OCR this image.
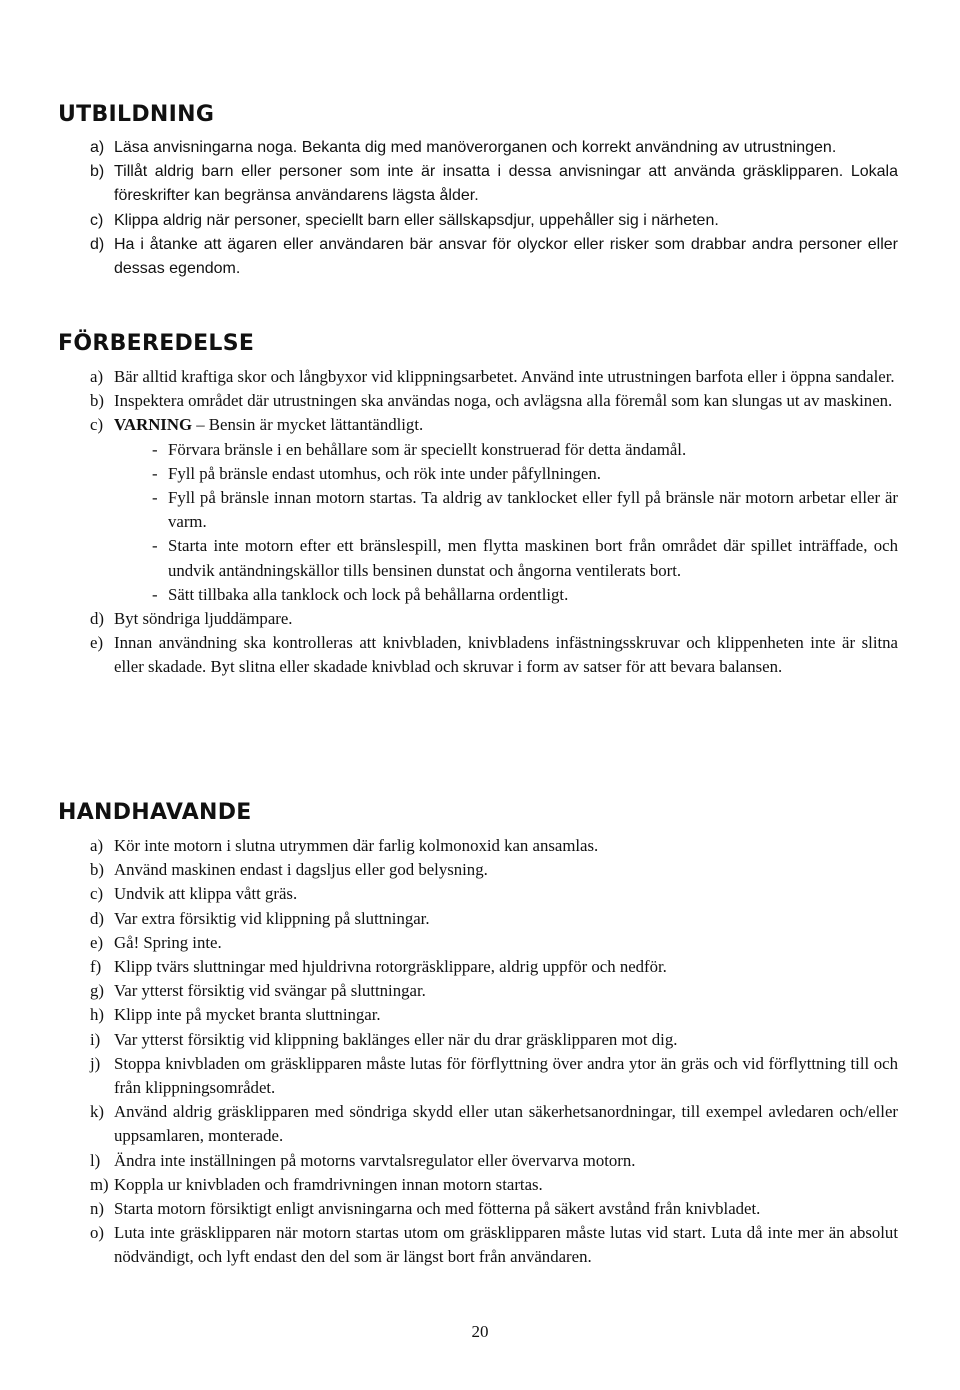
UTBILDNING
a) Läsa anvisningarna noga. Bekanta dig med manöverorganen och korrekt användning av utrustningen.
b) Tillåt aldrig barn eller personer som inte är insatta i dessa anvisningar att använda gräsklipparen. Lokala föreskrifter kan begränsa användarens lägsta ålder.
c) Klippa aldrig när personer, speciellt barn eller sällskapsdjur, uppehåller sig i närheten.
d) Ha i åtanke att ägaren eller användaren bär ansvar för olyckor eller risker som drabbar andra personer eller dessas egendom.
FÖRBEREDELSE
a) Bär alltid kraftiga skor och långbyxor vid klippningsarbetet. Använd inte utrustningen barfota eller i öppna sandaler.
b) Inspektera området där utrustningen ska användas noga, och avlägsna alla föremål som kan slungas ut av maskinen.
c) VARNING – Bensin är mycket lättantändligt.
- Förvara bränsle i en behållare som är speciellt konstruerad för detta ändamål.
- Fyll på bränsle endast utomhus, och rök inte under påfyllningen.
- Fyll på bränsle innan motorn startas. Ta aldrig av tanklocket eller fyll på bränsle när motorn arbetar eller är varm.
- Starta inte motorn efter ett bränslespill, men flytta maskinen bort från området där spillet inträffade, och undvik antändningskällor tills bensinen dunstat och ångorna ventilerats bort.
- Sätt tillbaka alla tanklock och lock på behållarna ordentligt.
d) Byt söndriga ljuddämpare.
e) Innan användning ska kontrolleras att knivbladen, knivbladens infästningsskruvar och klippenheten inte är slitna eller skadade. Byt slitna eller skadade knivblad och skruvar i form av satser för att bevara balansen.
HANDHAVANDE
a) Kör inte motorn i slutna utrymmen där farlig kolmonoxid kan ansamlas.
b) Använd maskinen endast i dagsljus eller god belysning.
c) Undvik att klippa vått gräs.
d) Var extra försiktig vid klippning på sluttningar.
e) Gå! Spring inte.
f) Klipp tvärs sluttningar med hjuldrivna rotorgräsklippare, aldrig uppför och nedför.
g) Var ytterst försiktig vid svängar på sluttningar.
h) Klipp inte på mycket branta sluttningar.
i) Var ytterst försiktig vid klippning baklänges eller när du drar gräsklipparen mot dig.
j) Stoppa knivbladen om gräsklipparen måste lutas för förflyttning över andra ytor än gräs och vid förflyttning till och från klippningsområdet.
k) Använd aldrig gräsklipparen med söndriga skydd eller utan säkerhetsanordningar, till exempel avledaren och/eller uppsamlaren, monterade.
l) Ändra inte inställningen på motorns varvtalsregulator eller övervarva motorn.
m) Koppla ur knivbladen och framdrivningen innan motorn startas.
n) Starta motorn försiktigt enligt anvisningarna och med fötterna på säkert avstånd från knivbladet.
o) Luta inte gräsklipparen när motorn startas utom om gräsklipparen måste lutas vid start. Luta då inte mer än absolut nödvändigt, och lyft endast den del som är längst bort från användaren.
20
